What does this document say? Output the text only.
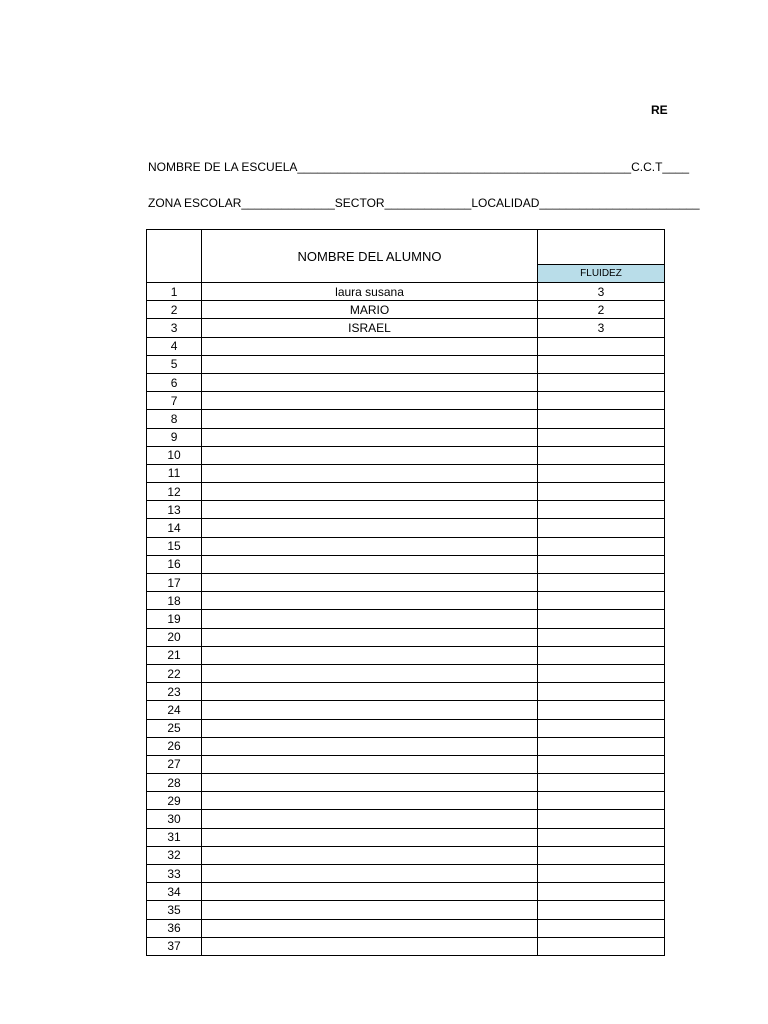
RE
NOMBRE DE LA ESCUELA__________________________________________________C.C.T____
ZONA ESCOLAR______________SECTOR_____________LOCALIDAD________________________
	NOMBRE DEL ALUMNO	
		FLUIDEZ
1	laura susana	3
2	MARIO	2
3	ISRAEL	3
4		
5		
6		
7		
8		
9		
10		
11		
12		
13		
14		
15		
16		
17		
18		
19		
20		
21		
22		
23		
24		
25		
26		
27		
28		
29		
30		
31		
32		
33		
34		
35		
36		
37		
